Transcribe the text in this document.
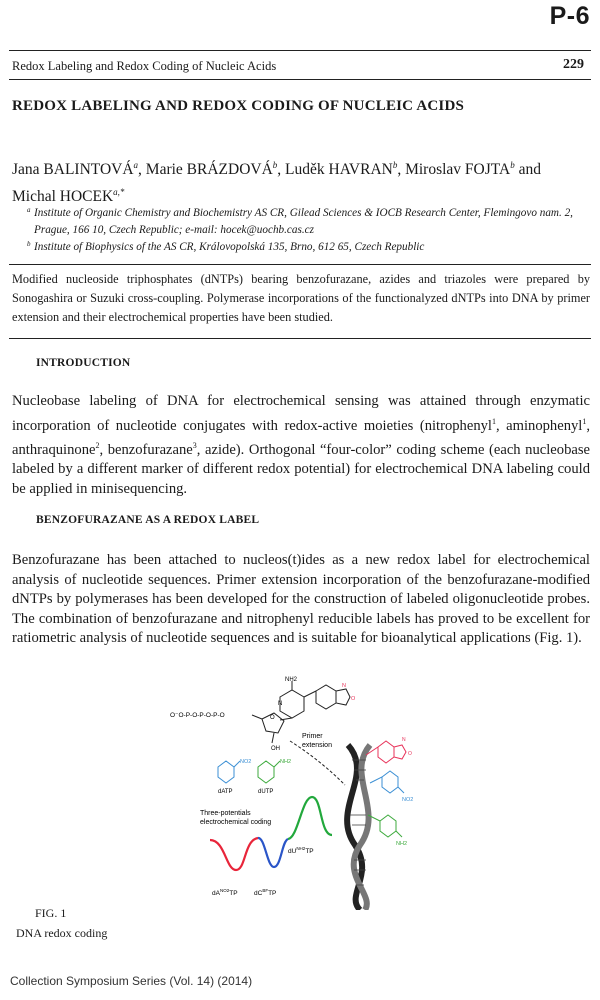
P-6
Redox Labeling and Redox Coding of Nucleic Acids	229
REDOX LABELING AND REDOX CODING OF NUCLEIC ACIDS
Jana BALINTOVÁ$^a$, Marie BRÁZDOVÁ$^b$, Luděk HAVRAN$^b$, Miroslav FOJTA$^b$ and
Michal $HOCEK^{a,*}$
a Institute of Organic Chemistry and Biochemistry AS CR, Gilead Sciences & IOCB Research Center, Flemingovo nam. 2, Prague, 166 10, Czech Republic; e-mail: hocek@uochb.cas.cz
b Institute of Biophysics of the AS CR, Královopolská 135, Brno, 612 65, Czech Republic
Modified nucleoside triphosphates (dNTPs) bearing benzofurazane, azides and triazoles were prepared by Sonogashira or Suzuki cross-coupling. Polymerase incorporations of the functionalyzed dNTPs into DNA by primer extension and their electrochemical properties have been studied.
INTRODUCTION
Nucleobase labeling of DNA for electrochemical sensing was attained through enzymatic incorporation of nucleotide conjugates with redox-active moieties (nitrophenyl$^1$, aminophenyl$^1$, anthraquinone$^2$, benzofurazane$^3$, azide). Orthogonal “four-color” coding scheme (each nucleobase labeled by a different marker of different redox potential) for electrochemical DNA labeling could be applied in minisequencing.
BENZOFURAZANE AS A REDOX LABEL
Benzofurazane has been attached to nucleos(t)ides as a new redox label for electrochemical analysis of nucleotide sequences. Primer extension incorporation of the benzofurazane-modified dNTPs by polymerases has been developed for the construction of labeled oligonucleotide probes. The combination of benzofurazane and nitrophenyl reducible labels has proved to be excellent for ratiometric analysis of nucleotide sequences and is suitable for bioanalytical applications (Fig. 1).
O⁻O-P-O-P-O-P-O
NH2
N
O
OH
N
O
Primer
extension
N
O
NO2
NH2
NO2
dATP
NH2
dUTP
Three-potentials
electrochemical coding
$dU^{NH2}TP$
$dA^{NO2}TP$	$dC^{BF}TP$
FIG. 1
DNA redox coding
Collection Symposium Series (Vol. 14) (2014)
